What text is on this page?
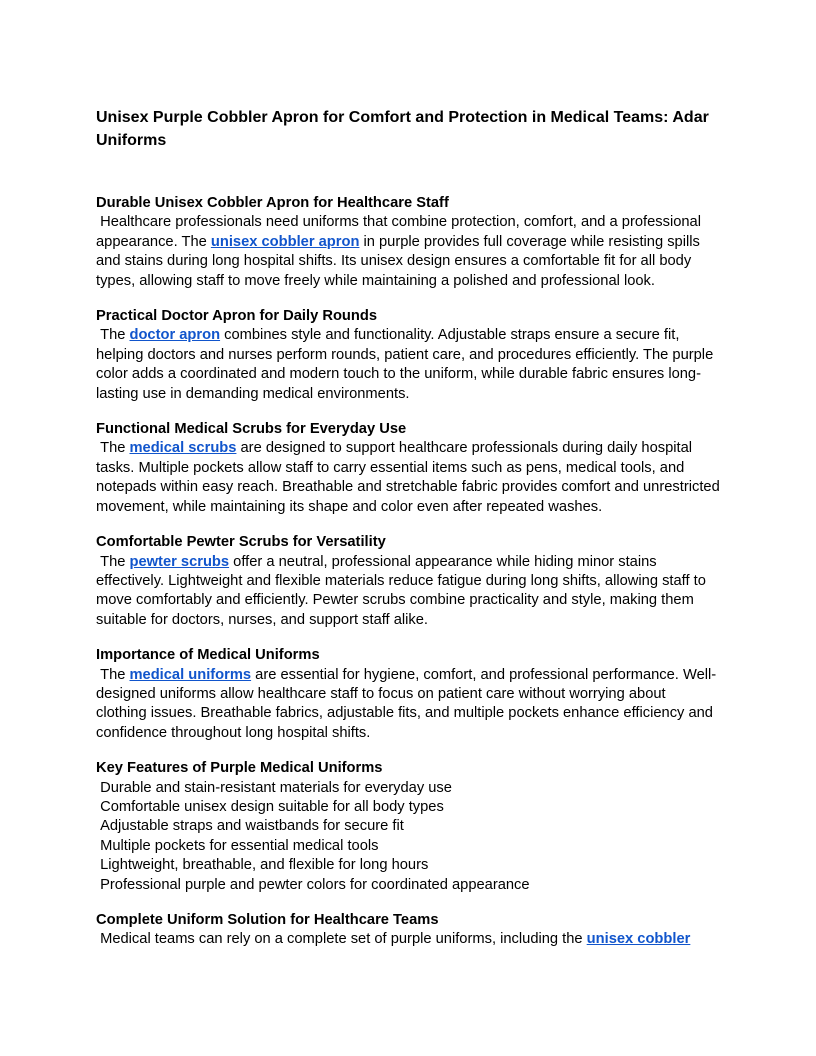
Unisex Purple Cobbler Apron for Comfort and Protection in Medical Teams: Adar Uniforms
Durable Unisex Cobbler Apron for Healthcare Staff

Healthcare professionals need uniforms that combine protection, comfort, and a professional appearance. The unisex cobbler apron in purple provides full coverage while resisting spills and stains during long hospital shifts. Its unisex design ensures a comfortable fit for all body types, allowing staff to move freely while maintaining a polished and professional look.

Practical Doctor Apron for Daily Rounds

The doctor apron combines style and functionality. Adjustable straps ensure a secure fit, helping doctors and nurses perform rounds, patient care, and procedures efficiently. The purple color adds a coordinated and modern touch to the uniform, while durable fabric ensures long-lasting use in demanding medical environments.

Functional Medical Scrubs for Everyday Use

The medical scrubs are designed to support healthcare professionals during daily hospital tasks. Multiple pockets allow staff to carry essential items such as pens, medical tools, and notepads within easy reach. Breathable and stretchable fabric provides comfort and unrestricted movement, while maintaining its shape and color even after repeated washes.

Comfortable Pewter Scrubs for Versatility

The pewter scrubs offer a neutral, professional appearance while hiding minor stains effectively. Lightweight and flexible materials reduce fatigue during long shifts, allowing staff to move comfortably and efficiently. Pewter scrubs combine practicality and style, making them suitable for doctors, nurses, and support staff alike.

Importance of Medical Uniforms

The medical uniforms are essential for hygiene, comfort, and professional performance. Well-designed uniforms allow healthcare staff to focus on patient care without worrying about clothing issues. Breathable fabrics, adjustable fits, and multiple pockets enhance efficiency and confidence throughout long hospital shifts.

Key Features of Purple Medical Uniforms

Durable and stain-resistant materials for everyday use

Comfortable unisex design suitable for all body types

Adjustable straps and waistbands for secure fit

Multiple pockets for essential medical tools

Lightweight, breathable, and flexible for long hours

Professional purple and pewter colors for coordinated appearance

Complete Uniform Solution for Healthcare Teams

Medical teams can rely on a complete set of purple uniforms, including the unisex cobbler
